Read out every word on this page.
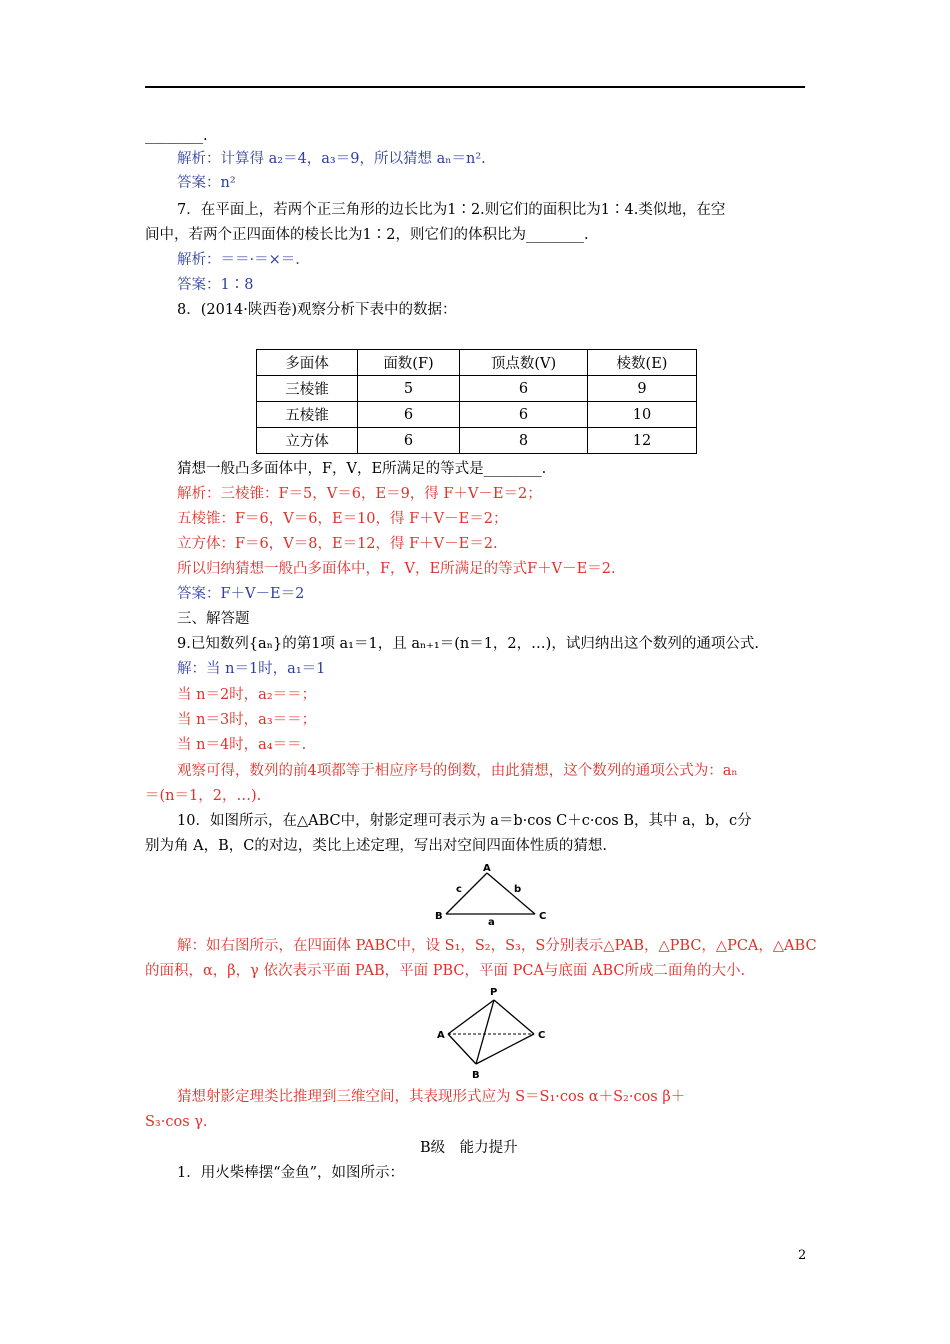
________.
解析：计算得 a₂＝4，a₃＝9，所以猜想 aₙ＝n².
答案：n²
7．在平面上，若两个正三角形的边长比为1∶2.则它们的面积比为1∶4.类似地，在空
间中，若两个正四面体的棱长比为1∶2，则它们的体积比为________.
解析：＝＝·＝×＝.
答案：1∶8
8．(2014·陕西卷)观察分析下表中的数据：
多面体	面数(F)	顶点数(V)	棱数(E)
三棱锥	5	6	9
五棱锥	6	6	10
立方体	6	8	12
猜想一般凸多面体中，F，V，E所满足的等式是________.
解析：三棱锥：F＝5，V＝6，E＝9，得 F＋V－E＝2；
五棱锥：F＝6，V＝6，E＝10，得 F＋V－E＝2；
立方体：F＝6，V＝8，E＝12，得 F＋V－E＝2.
所以归纳猜想一般凸多面体中，F，V，E所满足的等式F＋V－E＝2.
答案：F＋V－E＝2
三、解答题
9.已知数列{aₙ}的第1项 a₁＝1，且 aₙ₊₁＝(n＝1，2，…)，试归纳出这个数列的通项公式.
解：当 n＝1时，a₁＝1
当 n＝2时，a₂＝＝；
当 n＝3时，a₃＝＝；
当 n＝4时，a₄＝＝.
观察可得，数列的前4项都等于相应序号的倒数，由此猜想，这个数列的通项公式为：aₙ
＝(n＝1，2，…).
10．如图所示，在△ABC中，射影定理可表示为 a＝b·cos C＋c·cos B，其中 a，b，c分
别为角 A，B，C的对边，类比上述定理，写出对空间四面体性质的猜想.
A
B	C
c	b
a
解：如右图所示，在四面体 PABC中，设 S₁，S₂，S₃，S分别表示△PAB，△PBC，△PCA，△ABC
的面积，α，β，γ 依次表示平面 PAB，平面 PBC，平面 PCA与底面 ABC所成二面角的大小.
P
A	C
B
猜想射影定理类比推理到三维空间，其表现形式应为 S＝S₁·cos α＋S₂·cos β＋
S₃·cos γ.
B级　能力提升
1．用火柴棒摆“金鱼”，如图所示：
2
